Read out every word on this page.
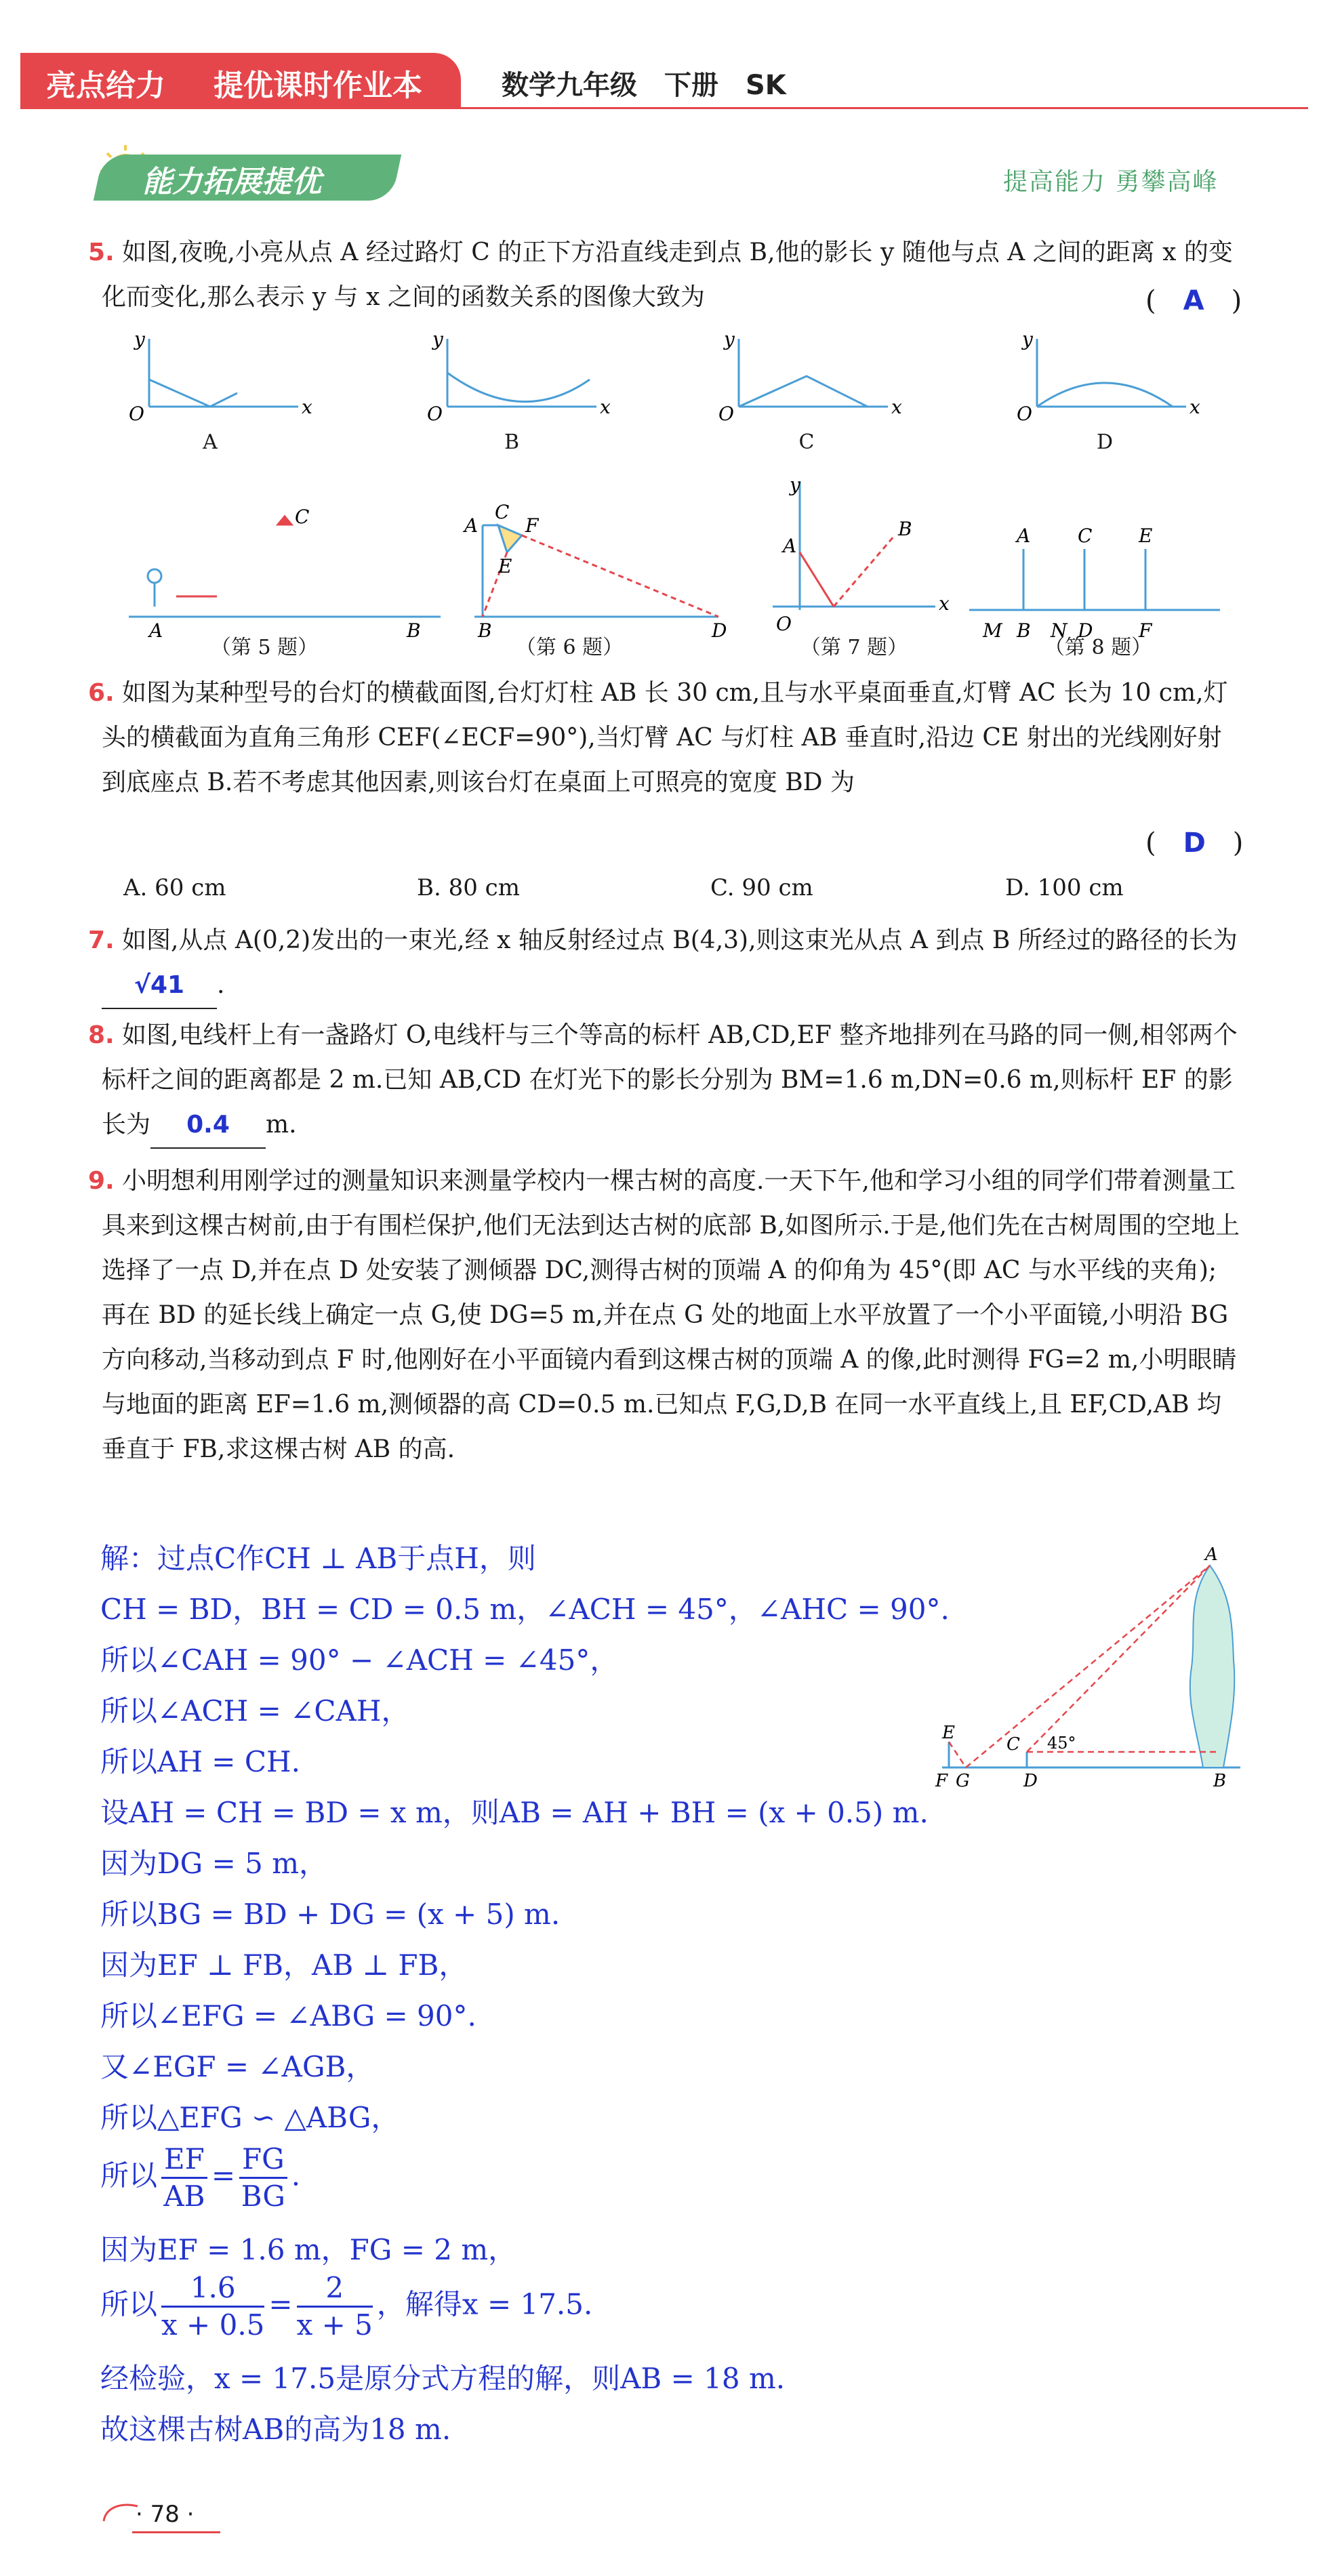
亮点给力 提优课时作业本	数学九年级　下册　SK
能力拓展提优	提高能力 勇攀高峰
5. 如图,夜晚,小亮从点 A 经过路灯 C 的正下方沿直线走到点 B,他的影长 y 随他与点 A 之间的距离 x 的变化而变化,那么表示 y 与 x 之间的函数关系的图像大致为	(　A　)
O	x
y
O	x
y
O	x
y
O	x
y
A	B	C	D
A	B
C	A
C
F
E
B	D
A
B
O
x
y
A C E
M B N D F
（第 5 题）	（第 6 题）	（第 7 题）	（第 8 题）
6. 如图为某种型号的台灯的横截面图,台灯灯柱 AB 长 30 cm,且与水平桌面垂直,灯臂 AC 长为 10 cm,灯头的横截面为直角三角形 CEF(∠ECF=90°),当灯臂 AC 与灯柱 AB 垂直时,沿边 CE 射出的光线刚好射到底座点 B.若不考虑其他因素,则该台灯在桌面上可照亮的宽度 BD 为
(　D　)
A. 60 cm	B. 80 cm	C. 90 cm	D. 100 cm
7. 如图,从点 A(0,2)发出的一束光,经 x 轴反射经过点 B(4,3),则这束光从点 A 到点 B 所经过的路径的长为√41 .
8. 如图,电线杆上有一盏路灯 O,电线杆与三个等高的标杆 AB,CD,EF 整齐地排列在马路的同一侧,相邻两个标杆之间的距离都是 2 m.已知 AB,CD 在灯光下的影长分别为 BM=1.6 m,DN=0.6 m,则标杆 EF 的影长为 0.4 m.
9. 小明想利用刚学过的测量知识来测量学校内一棵古树的高度.一天下午,他和学习小组的同学们带着测量工具来到这棵古树前,由于有围栏保护,他们无法到达古树的底部 B,如图所示.于是,他们先在古树周围的空地上选择了一点 D,并在点 D 处安装了测倾器 DC,测得古树的顶端 A 的仰角为 45°(即 AC 与水平线的夹角);再在 BD 的延长线上确定一点 G,使 DG=5 m,并在点 G 处的地面上水平放置了一个小平面镜,小明沿 BG 方向移动,当移动到点 F 时,他刚好在小平面镜内看到这棵古树的顶端 A 的像,此时测得 FG=2 m,小明眼睛与地面的距离 EF=1.6 m,测倾器的高 CD=0.5 m.已知点 F,G,D,B 在同一水平直线上,且 EF,CD,AB 均垂直于 FB,求这棵古树 AB 的高.
A
E
F G
C
D	B
45°
解：过点C作CH ⊥ AB于点H，则
CH = BD，BH = CD = 0.5 m，∠ACH = 45°，∠AHC = 90°.
所以∠CAH = 90° − ∠ACH = ∠45°，
所以∠ACH = ∠CAH，
所以AH = CH.
设AH = CH = BD = x m，则AB = AH + BH = (x + 0.5) m.
因为DG = 5 m，
所以BG = BD + DG = (x + 5) m.
因为EF ⊥ FB，AB ⊥ FB，
所以∠EFG = ∠ABG = 90°.
又∠EGF = ∠AGB，
所以△EFG ∽ △ABG，
所以 $\frac{EF}{AB} = \frac{FG}{BG}$ .
因为EF = 1.6 m，FG = 2 m，
所以 $\frac{1.6}{x + 0.5} = \frac{2}{x + 5}$ ，解得x = 17.5.
经检验，x = 17.5是原分式方程的解，则AB = 18 m.
故这棵古树AB的高为18 m.
· 78 ·
